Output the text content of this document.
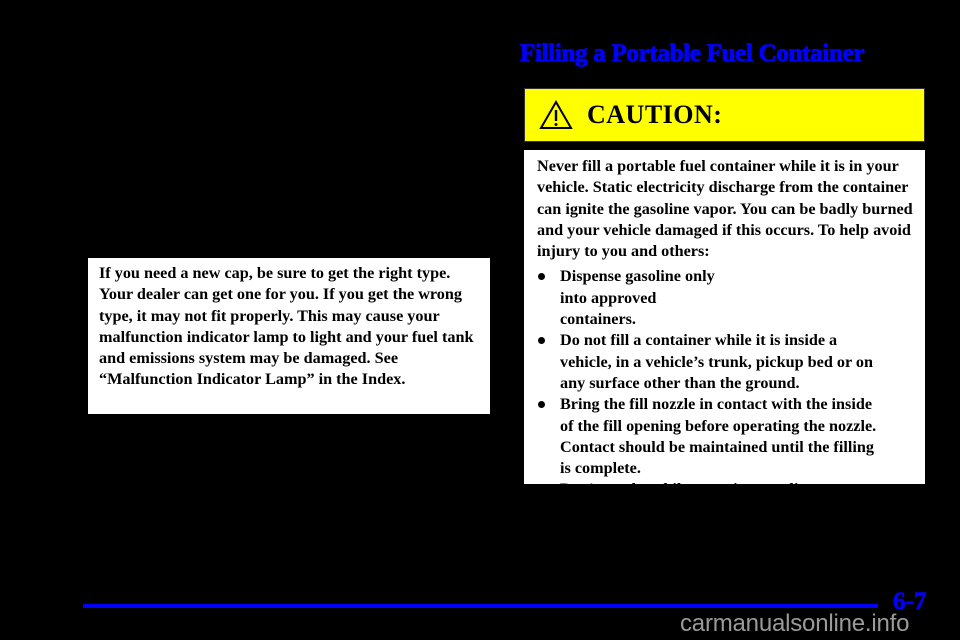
If you need a new cap, be sure to get the right type. Your dealer can get one for you. If you get the wrong type, it may not fit properly. This may cause your malfunction indicator lamp to light and your fuel tank and emissions system may be damaged. See “Malfunction Indicator Lamp” in the Index.
Filling a Portable Fuel Container
CAUTION:
Never fill a portable fuel container while it is in your vehicle. Static electricity discharge from the container can ignite the gasoline vapor. You can be badly burned and your vehicle damaged if this occurs. To help avoid injury to you and others:
Dispense gasoline only into approved containers.
Do not fill a container while it is inside a vehicle, in a vehicle’s trunk, pickup bed or on any surface other than the ground.
Bring the fill nozzle in contact with the inside of the fill opening before operating the nozzle. Contact should be maintained until the filling is complete.
Don’t smoke while pumping gasoline.
6-7
carmanualsonline.info
